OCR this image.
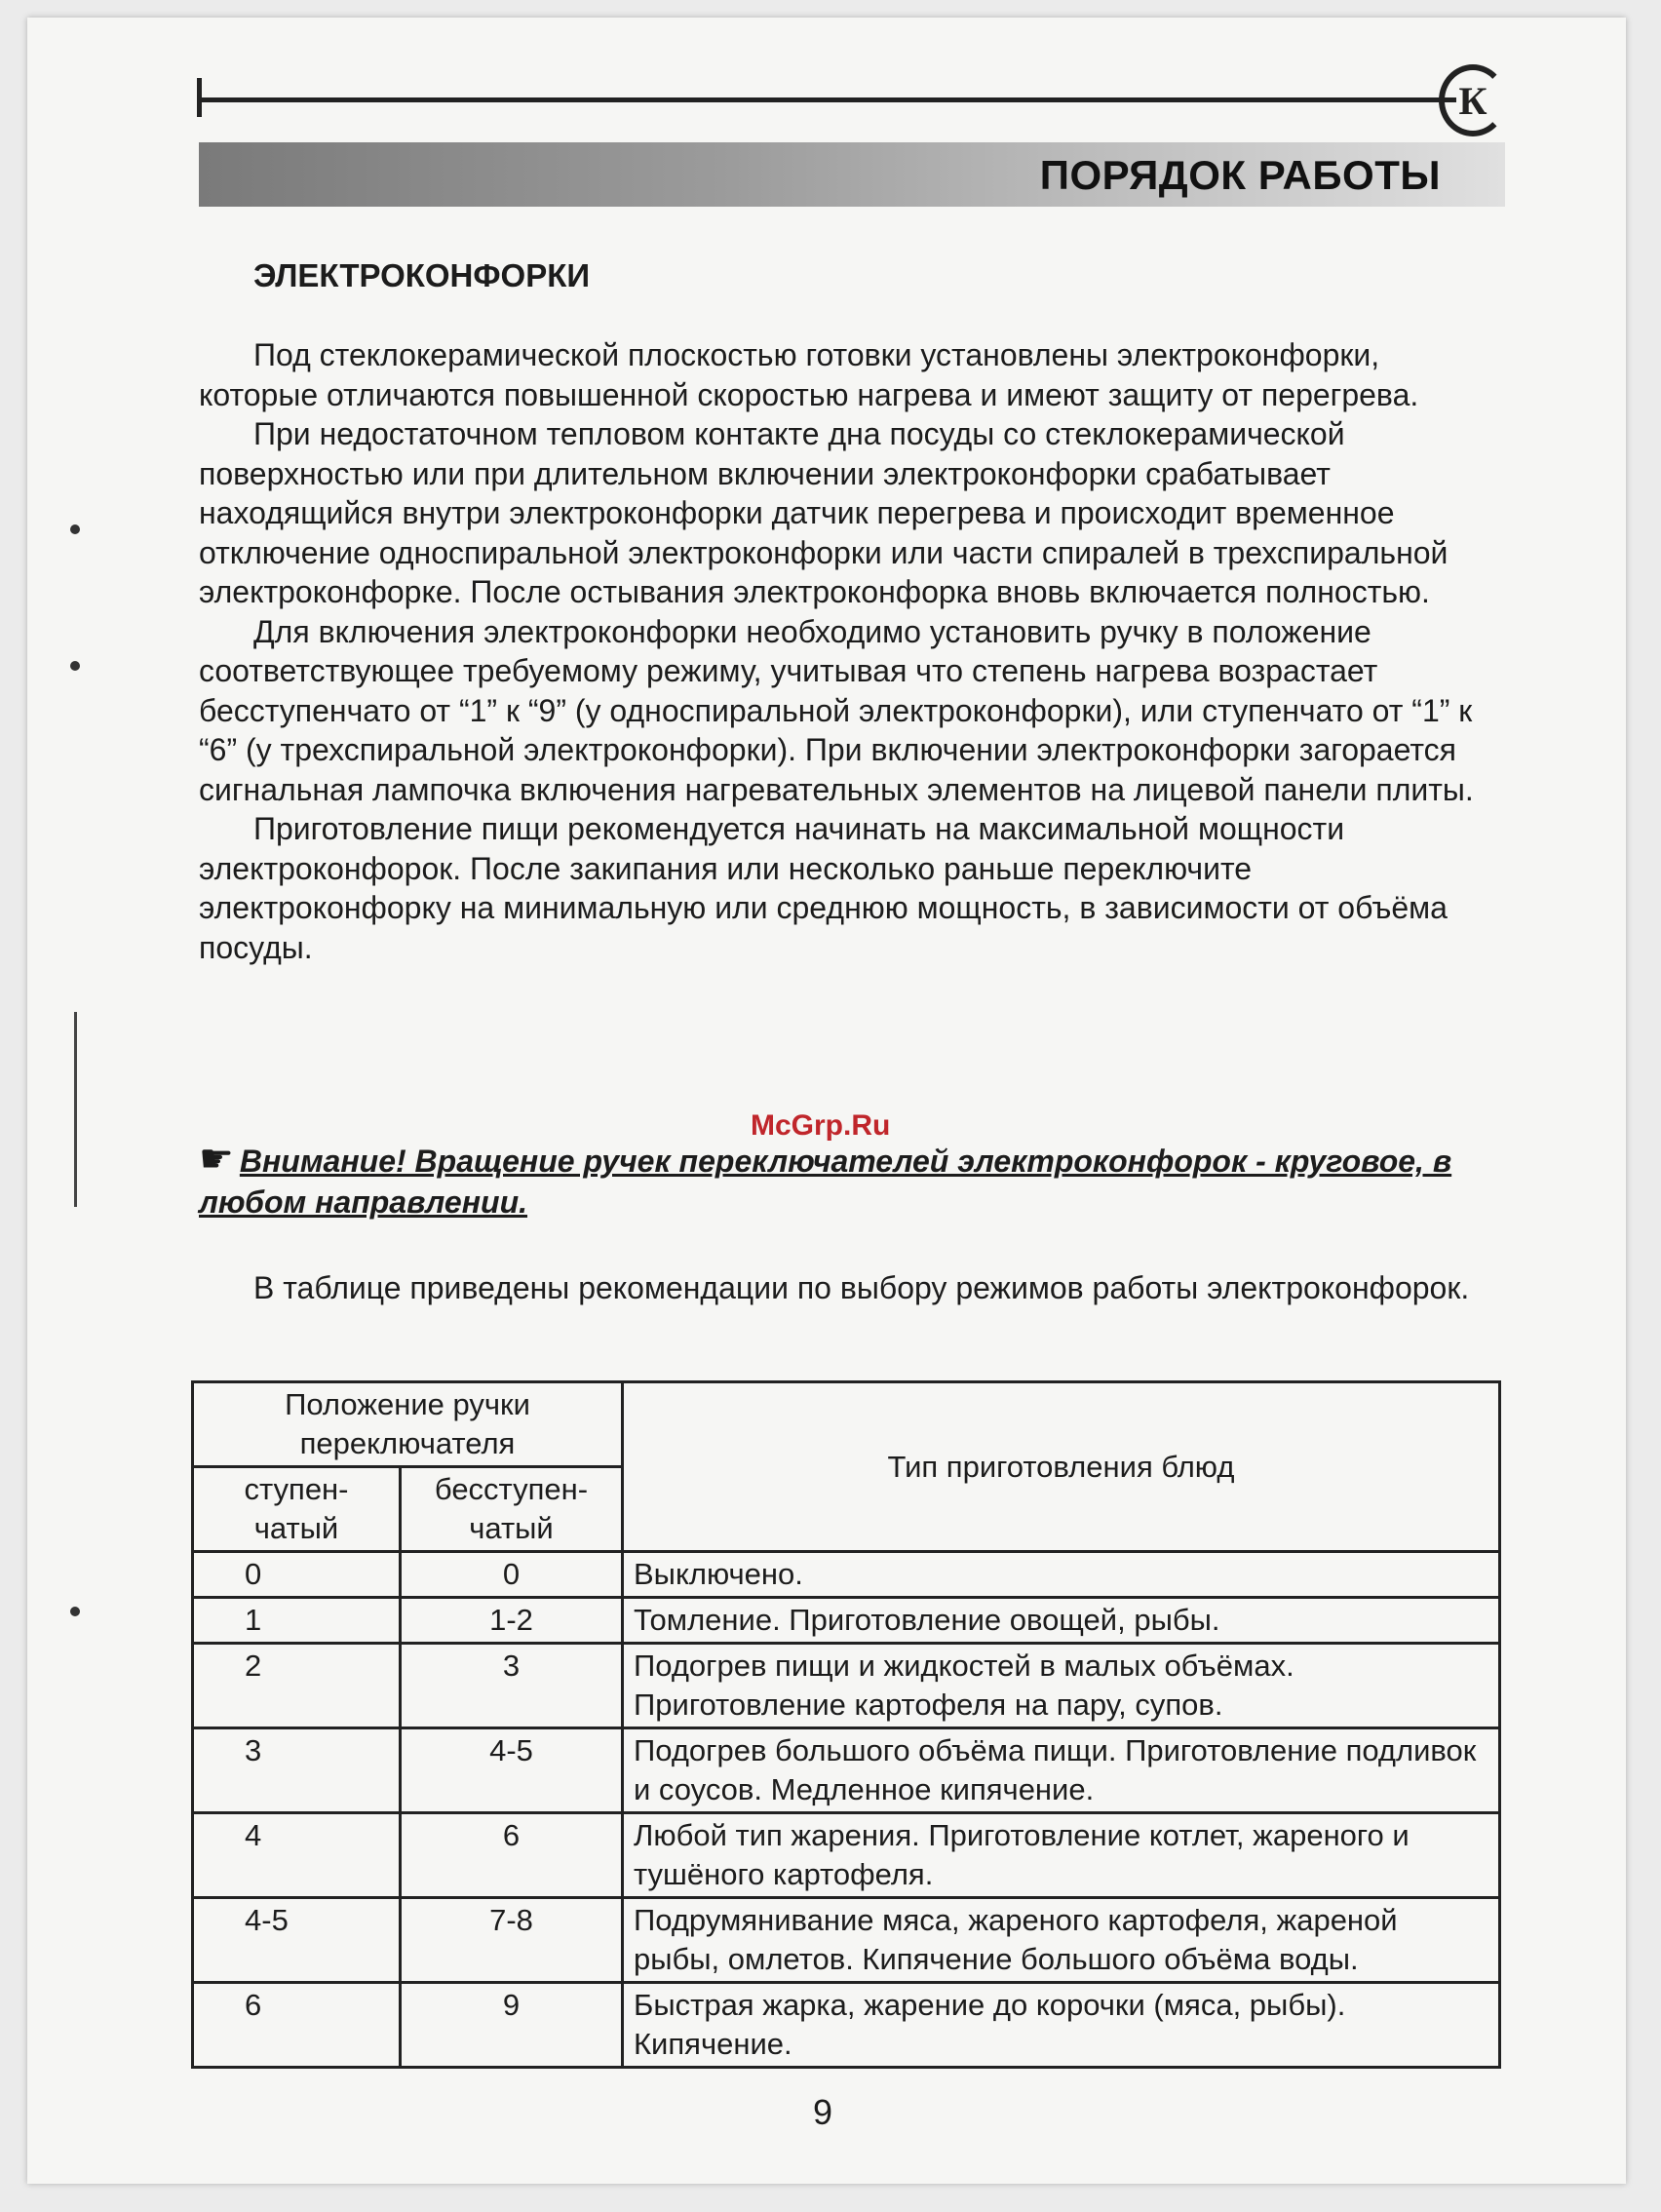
К
ПОРЯДОК РАБОТЫ
ЭЛЕКТРОКОНФОРКИ

Под стеклокерамической плоскостью готовки установлены электроконфорки, которые отличаются повышенной скоростью нагрева и имеют защиту от перегрева.

При недостаточном тепловом контакте дна посуды со стеклокерамической поверхностью или при длительном включении электроконфорки срабатывает находящийся внутри электроконфорки датчик перегрева и происходит временное отключение односпиральной электроконфорки или части спиралей в трехспиральной электроконфорке. После остывания электроконфорка вновь включается полностью.

Для включения электроконфорки необходимо установить ручку в положение соответствующее требуемому режиму, учитывая что степень нагрева возрастает бесступенчато от “1” к “9” (у односпиральной электроконфорки), или ступенчато от “1” к “6” (у трехспиральной электроконфорки). При включении электроконфорки загорается сигнальная лампочка включения нагревательных элементов на лицевой панели плиты.

Приготовление пищи рекомендуется начинать на максимальной мощности электроконфорок. После закипания или несколько раньше переключите электроконфорку на минимальную или среднюю мощность, в зависимости от объёма посуды.

McGrp.Ru
☛ Внимание! Вращение ручек переключателей электроконфорок - круговое, в любом направлении.
В таблице приведены рекомендации по выбору режимов работы электроконфорок.
Положение ручки переключателя		Тип приготовления блюд
ступен-чатый	бесступен-чатый	
0	0	Выключено.
1	1-2	Томление. Приготовление овощей, рыбы.
2	3	Подогрев пищи и жидкостей в малых объёмах. Приготовление картофеля на пару, супов.
3	4-5	Подогрев большого объёма пищи. Приготовление подливок и соусов. Медленное кипячение.
4	6	Любой тип жарения. Приготовление котлет, жареного и тушёного картофеля.
4-5	7-8	Подрумянивание мяса, жареного картофеля, жареной рыбы, омлетов. Кипячение большого объёма воды.
6	9	Быстрая жарка, жарение до корочки (мяса, рыбы). Кипячение.
9
